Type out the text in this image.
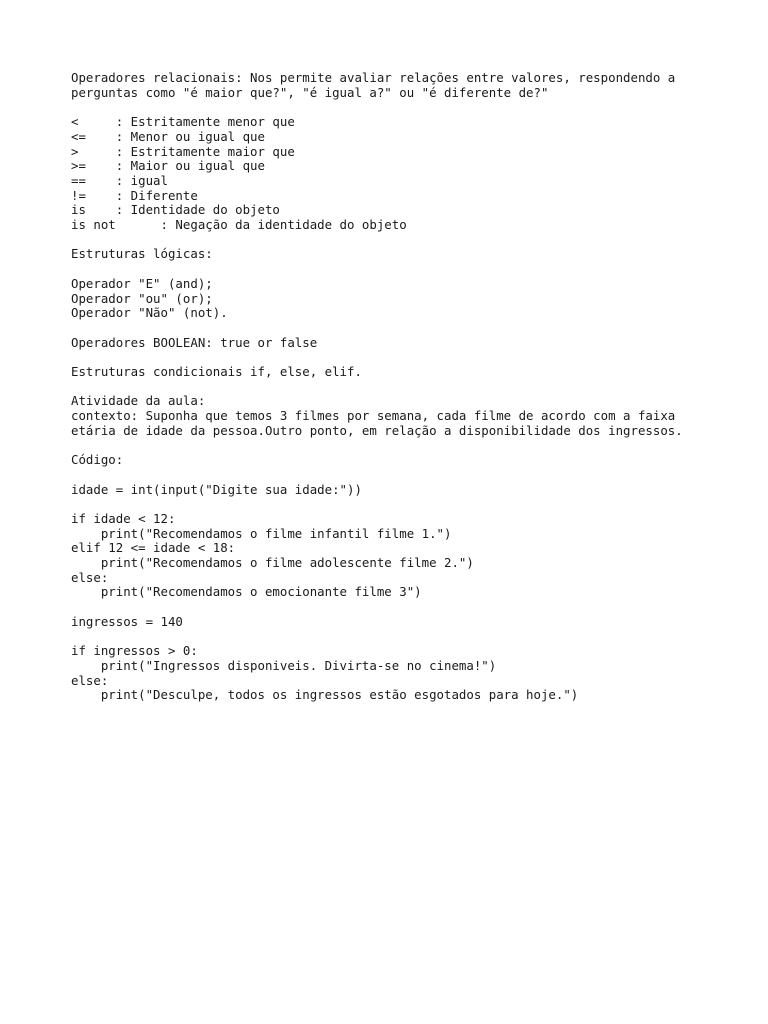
Operadores relacionais: Nos permite avaliar relações entre valores, respondendo a
perguntas como "é maior que?", "é igual a?" ou "é diferente de?"
<     : Estritamente menor que
<=    : Menor ou igual que
>     : Estritamente maior que
>=    : Maior ou igual que
==    : igual
!=    : Diferente
is    : Identidade do objeto
is not      : Negação da identidade do objeto
Estruturas lógicas:
Operador "E" (and);
Operador "ou" (or);
Operador "Não" (not).
Operadores BOOLEAN: true or false
Estruturas condicionais if, else, elif.
Atividade da aula:
contexto: Suponha que temos 3 filmes por semana, cada filme de acordo com a faixa
etária de idade da pessoa.Outro ponto, em relação a disponibilidade dos ingressos.
Código:
idade = int(input("Digite sua idade:"))
if idade < 12:
print("Recomendamos o filme infantil filme 1.")
elif 12 <= idade < 18:
print("Recomendamos o filme adolescente filme 2.")
else:
print("Recomendamos o emocionante filme 3")
ingressos = 140
if ingressos > 0:
print("Ingressos disponiveis. Divirta-se no cinema!")
else:
print("Desculpe, todos os ingressos estão esgotados para hoje.")
